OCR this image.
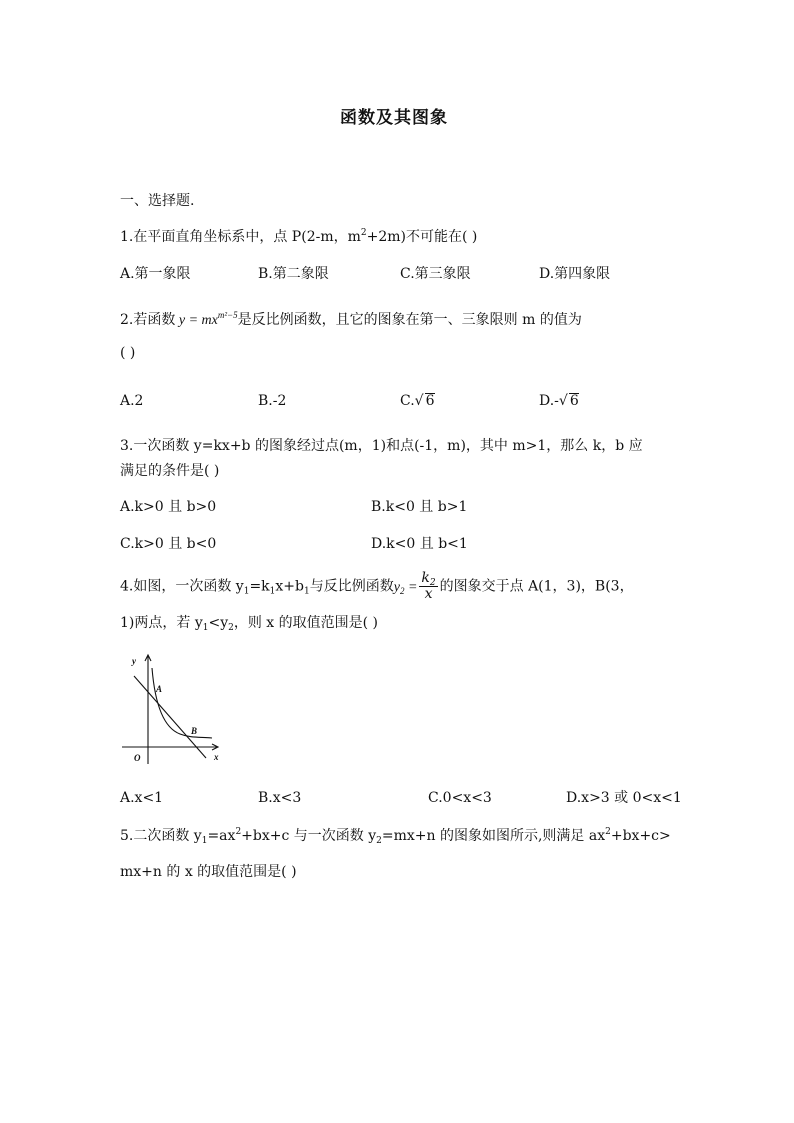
函数及其图象
一、选择题.
1.在平面直角坐标系中，点 P(2-m，$m^2+2m$)不可能在( )
A.第一象限	B.第二象限	C.第三象限	D.第四象限
2.若函数 $y = mx^{m^2-5}$是反比例函数，且它的图象在第一、三象限则 m 的值为
( )
A.2	B.-2	C.√ 6	D.-√ 6
3.一次函数 y=kx+b 的图象经过点(m，1)和点(-1，m)，其中 m>1，那么 k，b 应
满足的条件是( )
A.k>0 且 b>0	B.k<0 且 b>1
C.k>0 且 b<0	D.k<0 且 b<1
4.如图，一次函数 $y_1=k_1x+b_1$与反比例函数$y_2 = \frac{k_2}{x}$ 的图象交于点 A(1，3)，B(3，
1)两点，若 $y_1<y_2$，则 x 的取值范围是( )
y
x
O
A
B
A.x<1	B.x<3	C.0<x<3	D.x>3 或 0<x<1
5.二次函数 $y_1=ax^2+bx+c$ 与一次函数 $y_2=mx+n$ 的图象如图所示,则满足 $ax^2+bx+c>$
mx+n 的 x 的取值范围是( )
